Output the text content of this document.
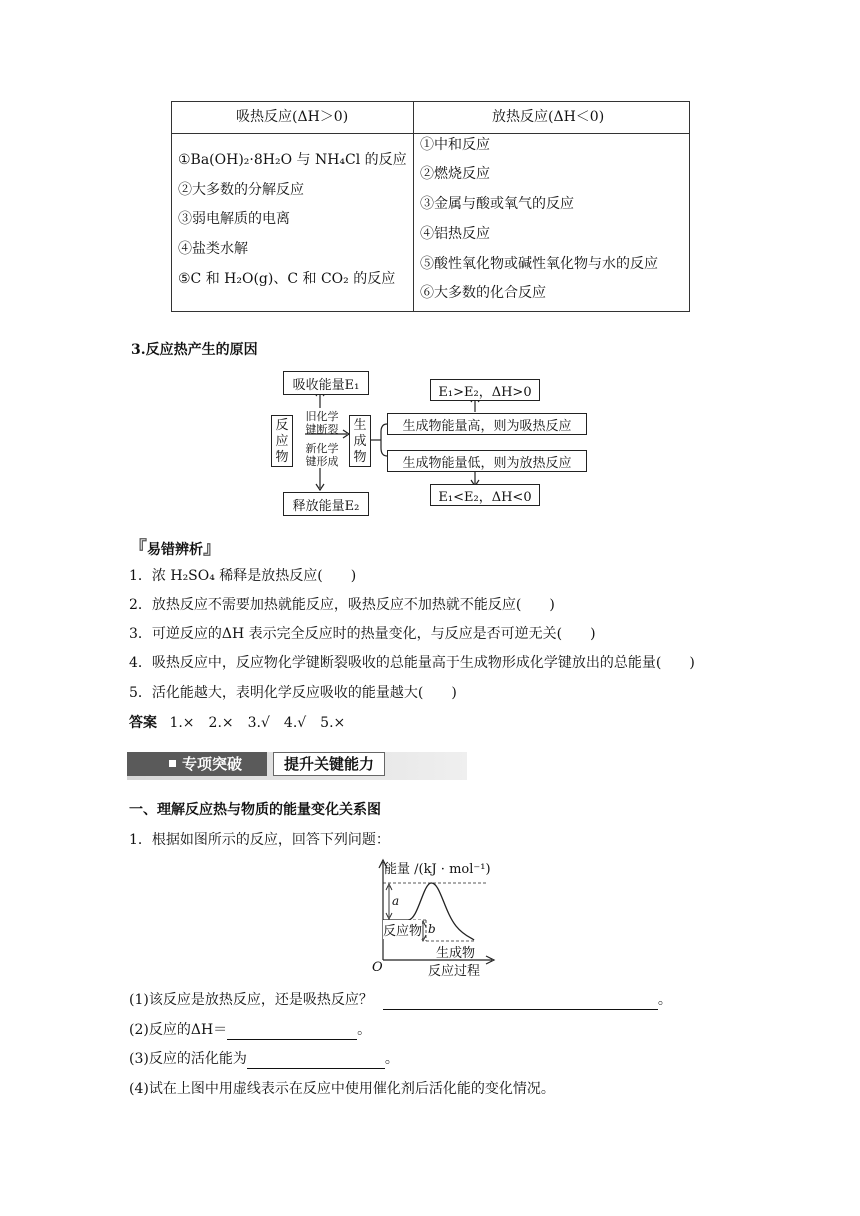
吸热反应(ΔH＞0)	放热反应(ΔH＜0)
①Ba(OH)₂·8H₂O 与 NH₄Cl 的反应
②大多数的分解反应
③弱电解质的电离
④盐类水解
⑤C 和 H₂O(g)、C 和 CO₂ 的反应
①中和反应
②燃烧反应
③金属与酸或氧气的反应
④铝热反应
⑤酸性氧化物或碱性氧化物与水的反应
⑥大多数的化合反应
3.反应热产生的原因
吸收能量E₁
释放能量E₂
反
应
物
生
成
物
旧化学
键断裂
新化学
键形成
E₁>E₂，ΔH>0
生成物能量高，则为吸热反应
生成物能量低，则为放热反应
E₁<E₂，ΔH<0
『易错辨析』
1．浓 H₂SO₄ 稀释是放热反应(　　)
2．放热反应不需要加热就能反应，吸热反应不加热就不能反应(　　)
3．可逆反应的ΔH 表示完全反应时的热量变化，与反应是否可逆无关(　　)
4．吸热反应中，反应物化学键断裂吸收的总能量高于生成物形成化学键放出的总能量(　　)
5．活化能越大，表明化学反应吸收的能量越大(　　)
答案 1.×　2.×　3.√　4.√　5.×
专项突破	提升关键能力
一、理解反应热与物质的能量变化关系图
1．根据如图所示的反应，回答下列问题：
能量 /(kJ · mol⁻¹)
反应过程
O
反应物
生成物
a
b
(1)该反应是放热反应，还是吸热反应？	。
(2)反应的ΔH＝	。
(3)反应的活化能为	。
(4)试在上图中用虚线表示在反应中使用催化剂后活化能的变化情况。
